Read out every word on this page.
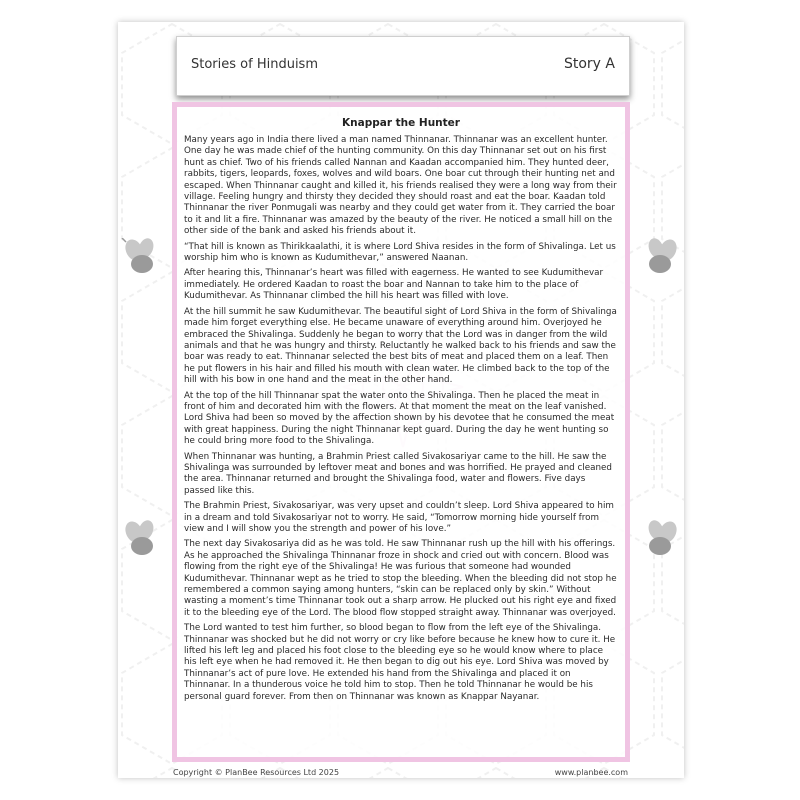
Stories of Hinduism	Story A
Knappar the Hunter

Many years ago in India there lived a man named Thinnanar. Thinnanar was an excellent hunter. One day he was made chief of the hunting community. On this day Thinnanar set out on his first hunt as chief. Two of his friends called Nannan and Kaadan accompanied him. They hunted deer, rabbits, tigers, leopards, foxes, wolves and wild boars. One boar cut through their hunting net and escaped. When Thinnanar caught and killed it, his friends realised they were a long way from their village. Feeling hungry and thirsty they decided they should roast and eat the boar. Kaadan told Thinnanar the river Ponmugali was nearby and they could get water from it. They carried the boar to it and lit a fire. Thinnanar was amazed by the beauty of the river. He noticed a small hill on the other side of the bank and asked his friends about it.

“That hill is known as Thirikkaalathi, it is where Lord Shiva resides in the form of Shivalinga. Let us worship him who is known as Kudumithevar,” answered Naanan.

After hearing this, Thinnanar’s heart was filled with eagerness. He wanted to see Kudumithevar immediately. He ordered Kaadan to roast the boar and Nannan to take him to the place of Kudumithevar. As Thinnanar climbed the hill his heart was filled with love.

At the hill summit he saw Kudumithevar. The beautiful sight of Lord Shiva in the form of Shivalinga made him forget everything else. He became unaware of everything around him. Overjoyed he embraced the Shivalinga. Suddenly he began to worry that the Lord was in danger from the wild animals and that he was hungry and thirsty. Reluctantly he walked back to his friends and saw the boar was ready to eat. Thinnanar selected the best bits of meat and placed them on a leaf. Then he put flowers in his hair and filled his mouth with clean water. He climbed back to the top of the hill with his bow in one hand and the meat in the other hand.

At the top of the hill Thinnanar spat the water onto the Shivalinga. Then he placed the meat in front of him and decorated him with the flowers. At that moment the meat on the leaf vanished. Lord Shiva had been so moved by the affection shown by his devotee that he consumed the meat with great happiness. During the night Thinnanar kept guard. During the day he went hunting so he could bring more food to the Shivalinga.

When Thinnanar was hunting, a Brahmin Priest called Sivakosariyar came to the hill. He saw the Shivalinga was surrounded by leftover meat and bones and was horrified. He prayed and cleaned the area. Thinnanar returned and brought the Shivalinga food, water and flowers. Five days passed like this.

The Brahmin Priest, Sivakosariyar, was very upset and couldn’t sleep. Lord Shiva appeared to him in a dream and told Sivakosariyar not to worry. He said, “Tomorrow morning hide yourself from view and I will show you the strength and power of his love.”

The next day Sivakosariya did as he was told. He saw Thinnanar rush up the hill with his offerings. As he approached the Shivalinga Thinnanar froze in shock and cried out with concern. Blood was flowing from the right eye of the Shivalinga! He was furious that someone had wounded Kudumithevar. Thinnanar wept as he tried to stop the bleeding. When the bleeding did not stop he remembered a common saying among hunters, “skin can be replaced only by skin.” Without wasting a moment’s time Thinnanar took out a sharp arrow. He plucked out his right eye and fixed it to the bleeding eye of the Lord. The blood flow stopped straight away. Thinnanar was overjoyed.

The Lord wanted to test him further, so blood began to flow from the left eye of the Shivalinga. Thinnanar was shocked but he did not worry or cry like before because he knew how to cure it. He lifted his left leg and placed his foot close to the bleeding eye so he would know where to place his left eye when he had removed it. He then began to dig out his eye. Lord Shiva was moved by Thinnanar’s act of pure love. He extended his hand from the Shivalinga and placed it on Thinnanar. In a thunderous voice he told him to stop. Then he told Thinnanar he would be his personal guard forever. From then on Thinnanar was known as Knappar Nayanar.

Copyright © PlanBee Resources Ltd 2025	www.planbee.com
